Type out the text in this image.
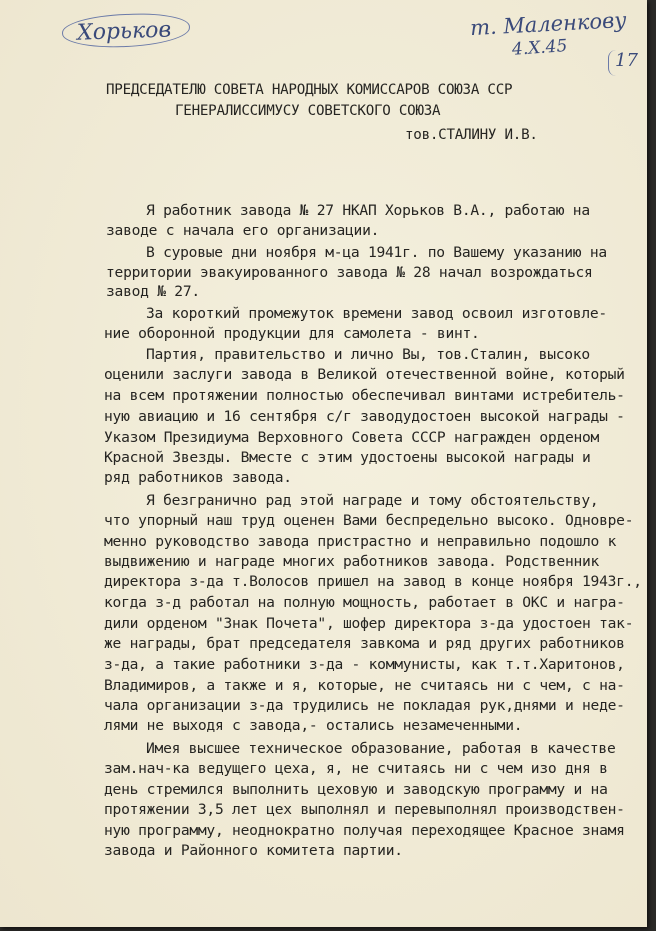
Хорьков	т. Маленкову
4.X.45
17
ПРЕДСЕДАТЕЛЮ СОВЕТА НАРОДНЫХ КОМИССАРОВ СОЮЗА ССР
ГЕНЕРАЛИССИМУСУ СОВЕТСКОГО СОЮЗА
тов.СТАЛИНУ И.В.
Я работник завода № 27 НКАП Хорьков В.А., работаю на
заводе с начала его организации.
В суровые дни ноября м-ца 1941г. по Вашему указанию на
территории эвакуированного завода № 28 начал возрождаться
завод № 27.
За короткий промежуток времени завод освоил изготовле-
ние оборонной продукции для самолета - винт.
Партия, правительство и лично Вы, тов.Сталин, высоко
оценили заслуги завода в Великой отечественной войне, который
на всем протяжении полностью обеспечивал винтами истребитель-
ную авиацию и 16 сентября с/г заводудостоен высокой награды -
Указом Президиума Верховного Совета СССР награжден орденом
Красной Звезды. Вместе с этим удостоены высокой награды и
ряд работников завода.
Я безгранично рад этой награде и тому обстоятельству,
что упорный наш труд оценен Вами беспредельно высоко. Одновре-
менно руководство завода пристрастно и неправильно подошло к
выдвижению и награде многих работников завода. Родственник
директора з-да т.Волосов пришел на завод в конце ноября 1943г.,
когда з-д работал на полную мощность, работает в ОКС и награ-
дили орденом "Знак Почета", шофер директора з-да удостоен так-
же награды, брат председателя завкома и ряд других работников
з-да, а такие работники з-да - коммунисты, как т.т.Харитонов,
Владимиров, а также и я, которые, не считаясь ни с чем, с на-
чала организации з-да трудились не покладая рук,днями и неде-
лями не выходя с завода,- остались незамеченными.
Имея высшее техническое образование, работая в качестве
зам.нач-ка ведущего цеха, я, не считаясь ни с чем изо дня в
день стремился выполнить цеховую и заводскую программу и на
протяжении 3,5 лет цех выполнял и перевыполнял производствен-
ную программу, неоднократно получая переходящее Красное знамя
завода и Районного комитета партии.
